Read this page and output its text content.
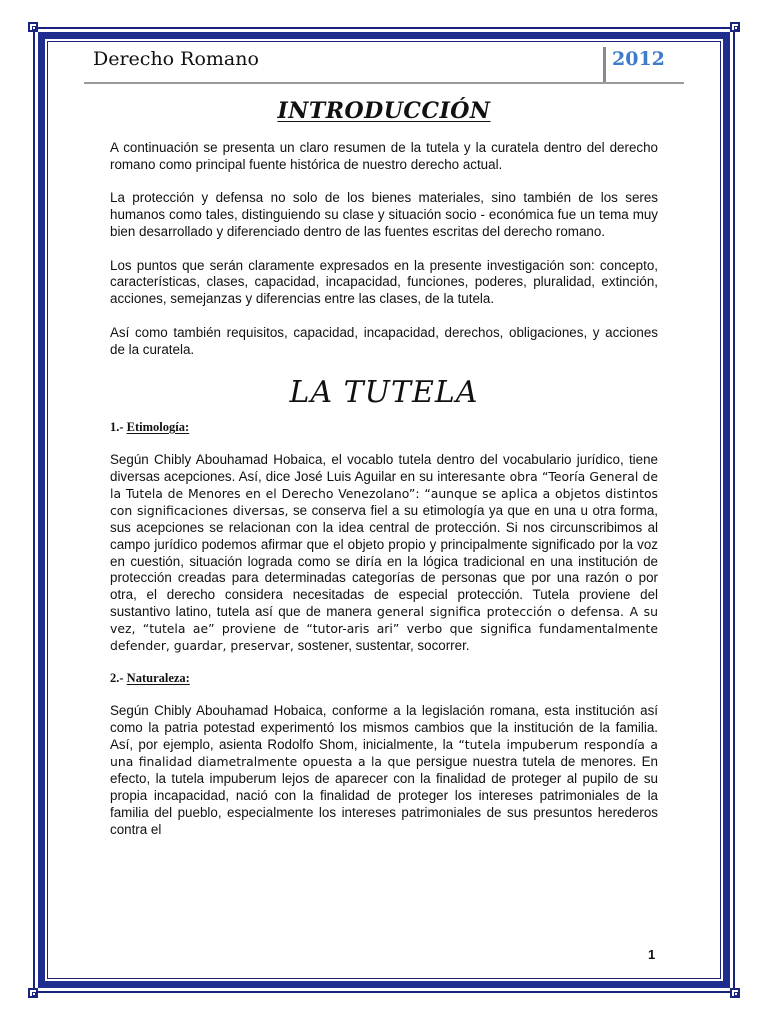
Derecho Romano	2012
INTRODUCCIÓN

A continuación se presenta un claro resumen de la tutela y la curatela dentro del derecho romano como principal fuente histórica de nuestro derecho actual.

La protección y defensa no solo de los bienes materiales, sino también de los seres humanos como tales, distinguiendo su clase y situación socio - económica fue un tema muy bien desarrollado y diferenciado dentro de las fuentes escritas del derecho romano.

Los puntos que serán claramente expresados en la presente investigación son: concepto, características, clases, capacidad, incapacidad, funciones, poderes, pluralidad, extinción, acciones, semejanzas y diferencias entre las clases, de la tutela.

Así como también requisitos, capacidad, incapacidad, derechos, obligaciones, y acciones de la curatela.

LA TUTELA
1.- Etimología:

Según Chibly Abouhamad Hobaica, el vocablo tutela dentro del vocabulario jurídico, tiene diversas acepciones. Así, dice José Luis Aguilar en su interesante obra “Teoría General de la Tutela de Menores en el Derecho Venezolano”: “aunque se aplica a objetos distintos con significaciones diversas, se conserva fiel a su etimología ya que en una u otra forma, sus acepciones se relacionan con la idea central de protección. Si nos circunscribimos al campo jurídico podemos afirmar que el objeto propio y principalmente significado por la voz en cuestión, situación lograda como se diría en la lógica tradicional en una institución de protección creadas para determinadas categorías de personas que por una razón o por otra, el derecho considera necesitadas de especial protección. Tutela proviene del sustantivo latino, tutela así que de manera general significa protección o defensa. A su vez, “tutela ae” proviene de “tutor-aris ari” verbo que significa fundamentalmente defender, guardar, preservar, sostener, sustentar, socorrer.

2.- Naturaleza:

Según Chibly Abouhamad Hobaica, conforme a la legislación romana, esta institución así como la patria potestad experimentó los mismos cambios que la institución de la familia. Así, por ejemplo, asienta Rodolfo Shom, inicialmente, la “tutela impuberum respondía a una finalidad diametralmente opuesta a la que persigue nuestra tutela de menores. En efecto, la tutela impuberum lejos de aparecer con la finalidad de proteger al pupilo de su propia incapacidad, nació con la finalidad de proteger los intereses patrimoniales de la familia del pueblo, especialmente los intereses patrimoniales de sus presuntos herederos contra el

1
